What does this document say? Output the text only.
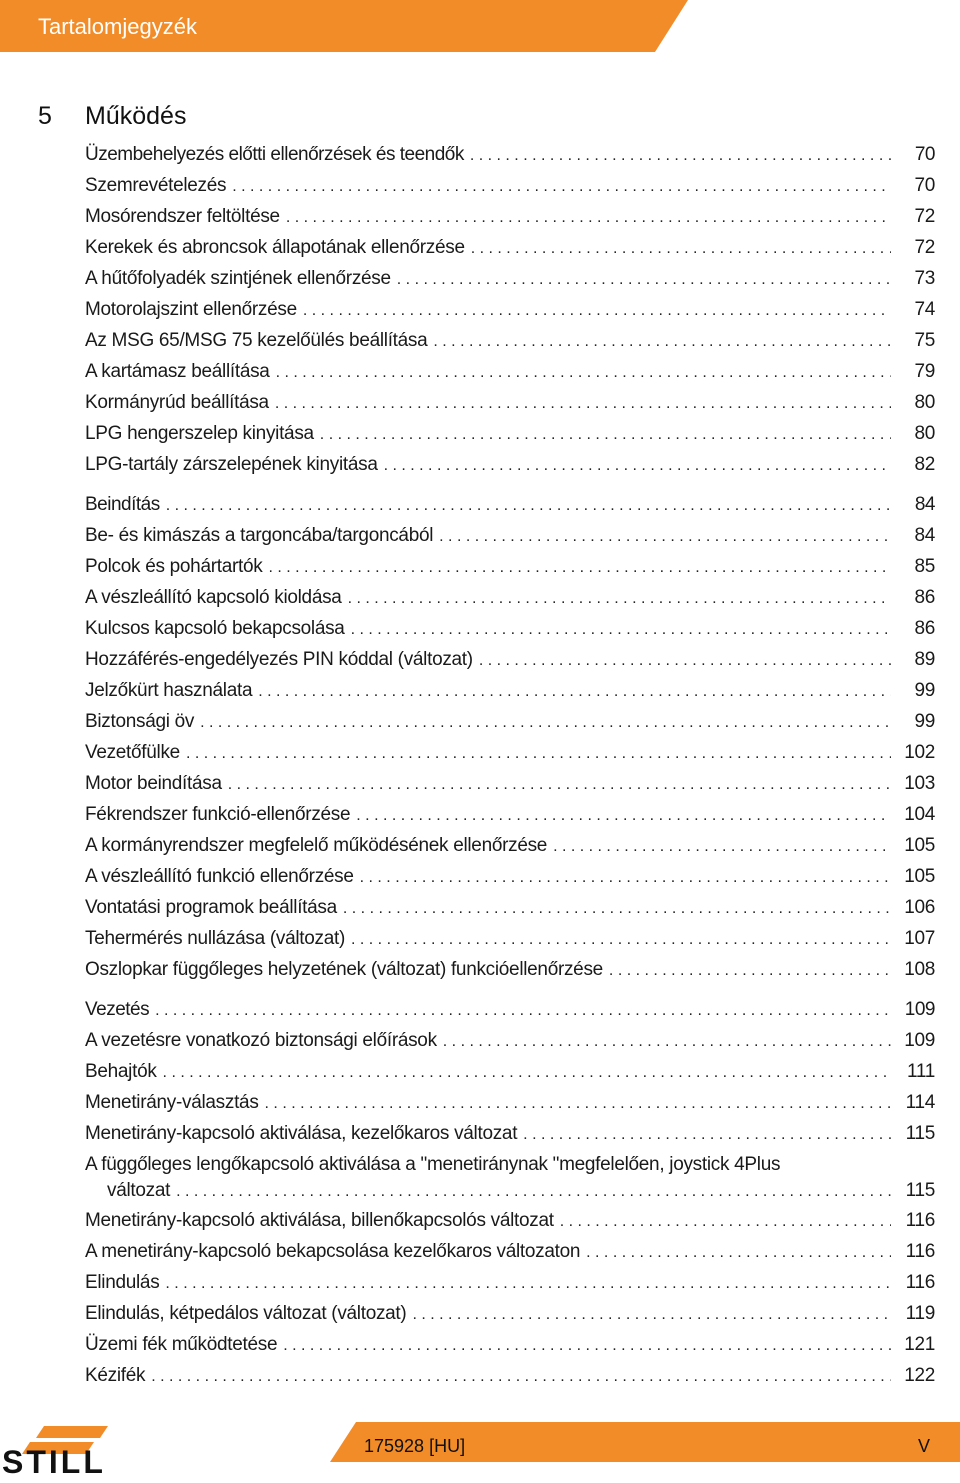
Tartalomjegyzék
5 Működés
Üzembehelyezés előtti ellenőrzések és teendők . . .	70
Szemrevételezés . . .	70
Mosórendszer feltöltése . . .	72
Kerekek és abroncsok állapotának ellenőrzése . . .	72
A hűtőfolyadék szintjének ellenőrzése . . .	73
Motorolajszint ellenőrzése . . .	74
Az MSG 65/MSG 75 kezelőülés beállítása . . .	75
A kartámasz beállítása . . .	79
Kormányrúd beállítása . . .	80
LPG hengerszelep kinyitása . . .	80
LPG-tartály zárszelepének kinyitása . . .	82
Beindítás . . .	84
Be- és kimászás a targoncába/targoncából . . .	84
Polcok és pohártartók . . .	85
A vészleállító kapcsoló kioldása . . .	86
Kulcsos kapcsoló bekapcsolása . . .	86
Hozzáférés-engedélyezés PIN kóddal (változat) . . .	89
Jelzőkürt használata . . .	99
Biztonsági öv . . .	99
Vezetőfülke . . .	102
Motor beindítása . . .	103
Fékrendszer funkció-ellenőrzése . . .	104
A kormányrendszer megfelelő működésének ellenőrzése . . .	105
A vészleállító funkció ellenőrzése . . .	105
Vontatási programok beállítása . . .	106
Tehermérés nullázása (változat) . . .	107
Oszlopkar függőleges helyzetének (változat) funkcióellenőrzése . . .	108
Vezetés . . .	109
A vezetésre vonatkozó biztonsági előírások . . .	109
Behajtók . . .	111
Menetirány-választás . . .	114
Menetirány-kapcsoló aktiválása, kezelőkaros változat . . .	115
A függőleges lengőkapcsoló aktiválása a "menetiránynak "megfelelően, joystick 4Plus
változat . . .	115
Menetirány-kapcsoló aktiválása, billenőkapcsolós változat . . .	116
A menetirány-kapcsoló bekapcsolása kezelőkaros változaton . . .	116
Elindulás . . .	116
Elindulás, kétpedálos változat (változat) . . .	119
Üzemi fék működtetése . . .	121
Kézifék . . .	122
STILL	175928 [HU]	V
